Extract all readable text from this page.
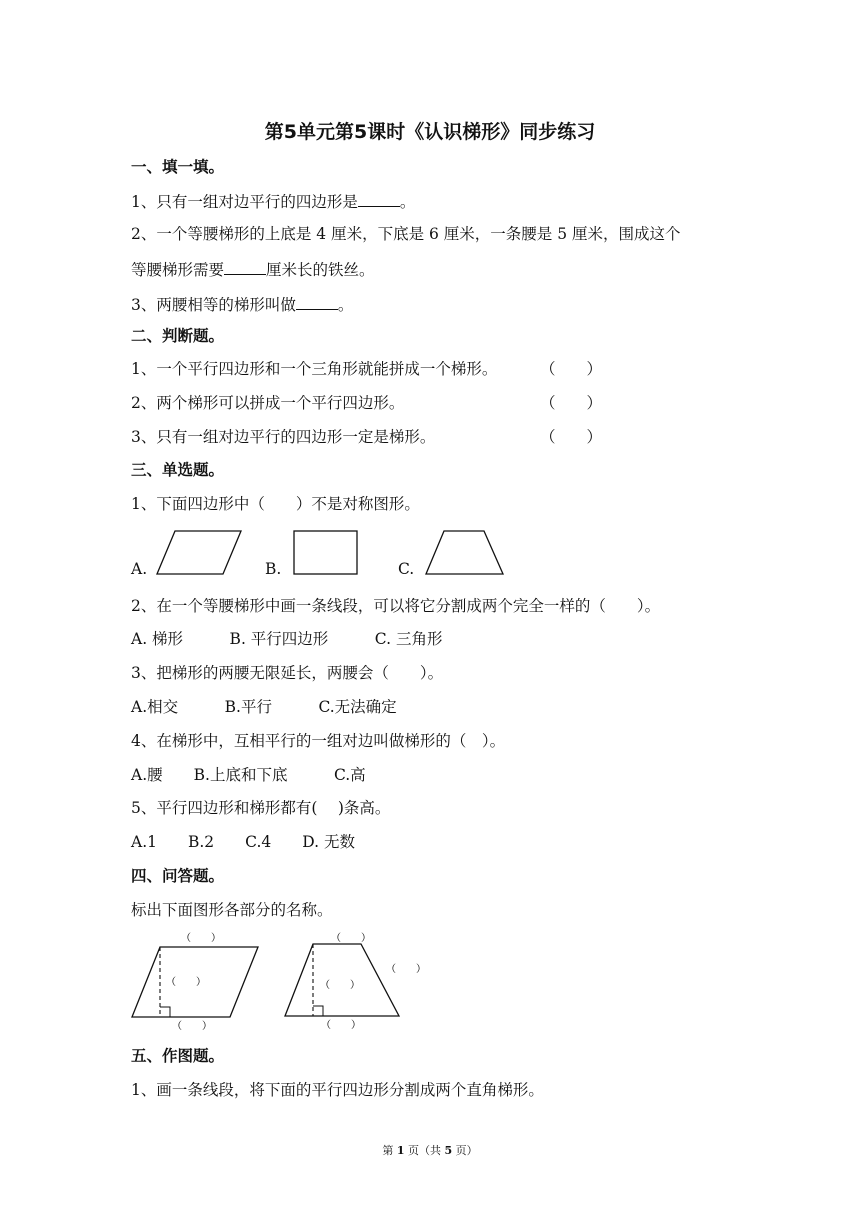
第5单元第5课时《认识梯形》同步练习
一、填一填。
1、只有一组对边平行的四边形是	。
2、一个等腰梯形的上底是 4 厘米，下底是 6 厘米，一条腰是 5 厘米，围成这个
等腰梯形需要	厘米长的铁丝。
3、两腰相等的梯形叫做	。
二、判断题。
1、一个平行四边形和一个三角形就能拼成一个梯形。	（　　）
2、两个梯形可以拼成一个平行四边形。	（　　）
3、只有一组对边平行的四边形一定是梯形。	（　　）
三、单选题。
1、下面四边形中（　　）不是对称图形。
A.	B.	C.
（　　）
（　　）
（　　）
（　　）
（　　）
（　　）
（　　）
2、在一个等腰梯形中画一条线段，可以将它分割成两个完全一样的（　　）。
A. 梯形　　　B. 平行四边形　　　C. 三角形
3、把梯形的两腰无限延长，两腰会（　　）。
A.相交　　　B.平行　　　C.无法确定
4、在梯形中，互相平行的一组对边叫做梯形的（　）。
A.腰　　B.上底和下底　　　C.高
5、平行四边形和梯形都有(　 )条高。
A.1　　B.2　　C.4　　D. 无数
四、问答题。
标出下面图形各部分的名称。
五、作图题。
1、画一条线段，将下面的平行四边形分割成两个直角梯形。
第 1 页（共 5 页）
